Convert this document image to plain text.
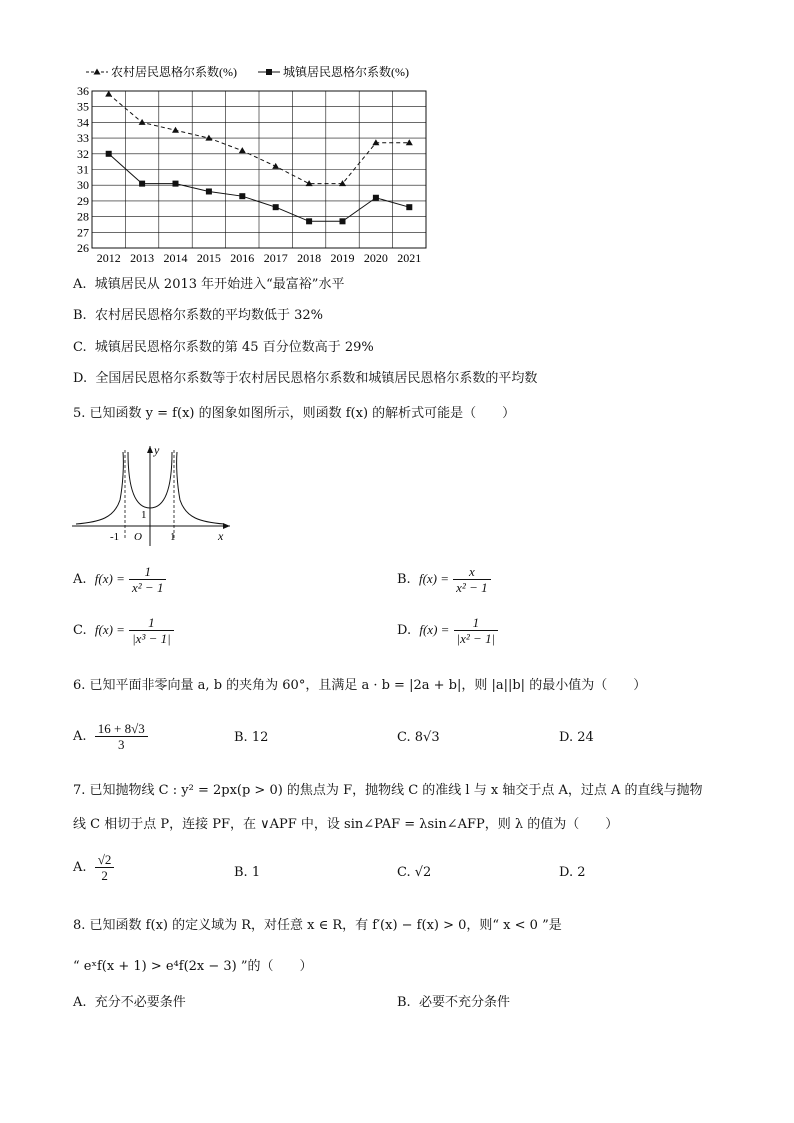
农村居民恩格尔系数(%)	城镇居民恩格尔系数(%)
26
27
28
29
30
31
32
33
34
35
36
2012 2013 2014 2015 2016 2017 2018 2019 2020 2021
A. 城镇居民从 2013 年开始进入“最富裕”水平
B. 农村居民恩格尔系数的平均数低于 32%
C. 城镇居民恩格尔系数的第 45 百分位数高于 29%
D. 全国居民恩格尔系数等于农村居民恩格尔系数和城镇居民恩格尔系数的平均数
5. 已知函数 y = f(x) 的图象如图所示，则函数 f(x) 的解析式可能是（　　）
y
x
O
-1	1
1
A. $f(x) = \frac{1}{\text{x² − 1}}$	B. $f(x) = \frac{x}{\text{x² − 1}}$
C. $f(x) = \frac{1}{\text{|x³ − 1|}}$	D. $f(x) = \frac{1}{\text{|x² − 1|}}$
6. 已知平面非零向量 a, b 的夹角为 60°，且满足 a · b = |2a + b|，则 |a||b| 的最小值为（　　）
A. $\frac{16 + 8√3}{3}$	B. 12	C. 8√3	D. 24
7. 已知抛物线 C : y² = 2px(p > 0) 的焦点为 F，抛物线 C 的准线 l 与 x 轴交于点 A，过点 A 的直线与抛物
线 C 相切于点 P，连接 PF，在 ∨APF 中，设 sin∠PAF = λsin∠AFP，则 λ 的值为（　　）
A. $\frac{√2}{2}$	B. 1	C. √2	D. 2
8. 已知函数 f(x) 的定义域为 R，对任意 x ∈ R，有 f′(x) − f(x) > 0，则“ x < 0 ”是
“ eˣf(x + 1) > e⁴f(2x − 3) ”的（　　）
A. 充分不必要条件	B. 必要不充分条件
